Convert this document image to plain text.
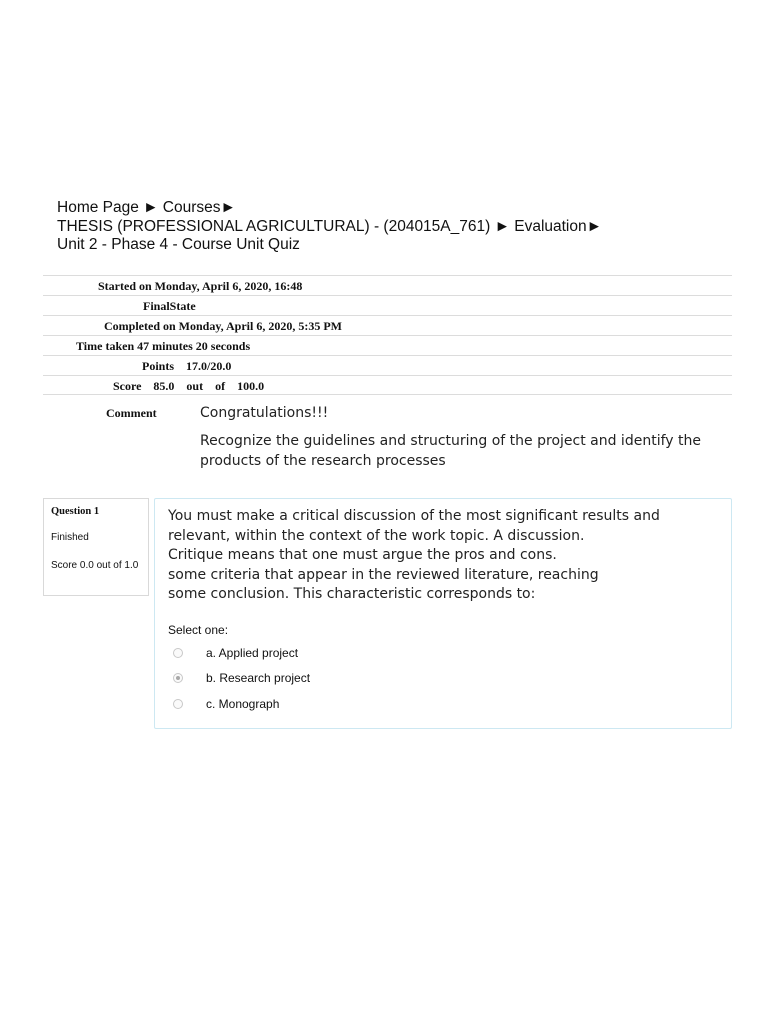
Home Page ► Courses►
THESIS (PROFESSIONAL AGRICULTURAL) - (204015A_761) ► Evaluation►
Unit 2 - Phase 4 - Course Unit Quiz
Started on Monday, April 6, 2020, 16:48
FinalState
Completed on Monday, April 6, 2020, 5:35 PM
Time taken 47 minutes 20 seconds
Points    17.0/20.0
Score    85.0    out    of    100.0
Comment	Congratulations!!!

Recognize the guidelines and structuring of the project and identify the products of the research processes

Question 1
Finished
Score 0.0 out of 1.0
You must make a critical discussion of the most significant results and
relevant, within the context of the work topic. A discussion.
Critique means that one must argue the pros and cons.
some criteria that appear in the reviewed literature, reaching
some conclusion. This characteristic corresponds to:
Select one:
a. Applied project
b. Research project
c. Monograph
